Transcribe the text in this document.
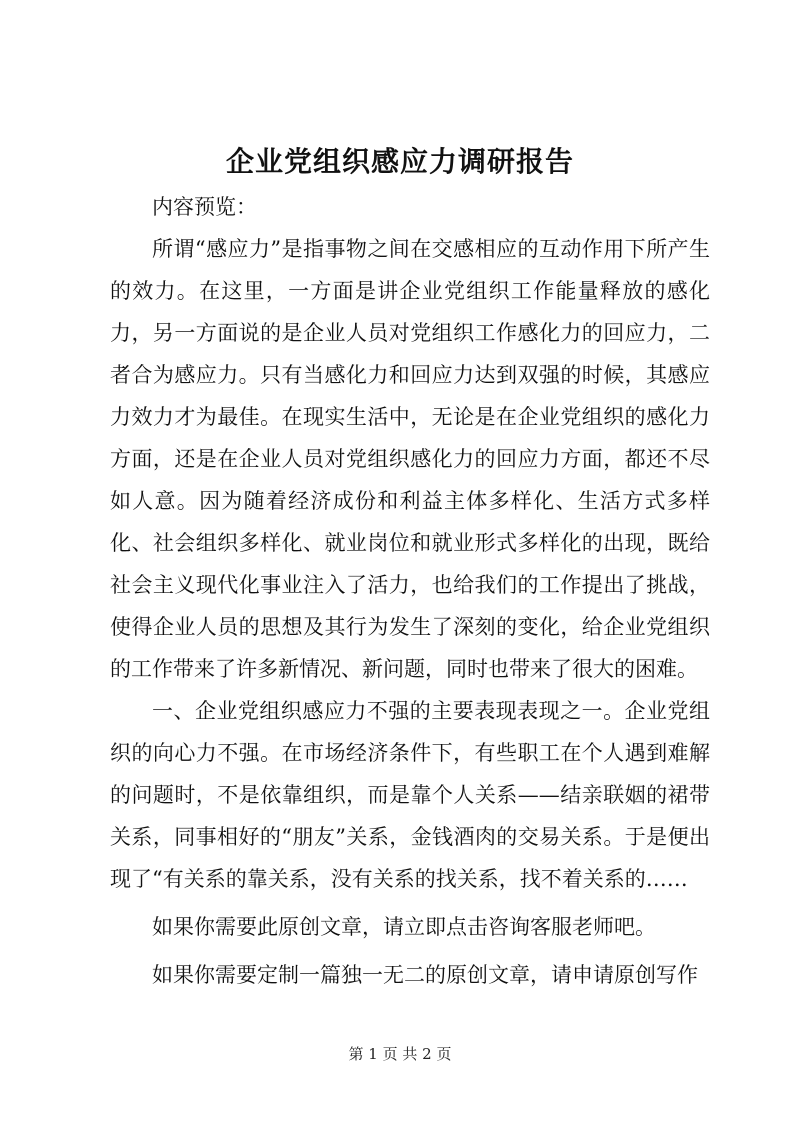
企业党组织感应力调研报告

内容预览：

所谓“感应力”是指事物之间在交感相应的互动作用下所产生的效力。在这里，一方面是讲企业党组织工作能量释放的感化力，另一方面说的是企业人员对党组织工作感化力的回应力，二者合为感应力。只有当感化力和回应力达到双强的时候，其感应力效力才为最佳。在现实生活中，无论是在企业党组织的感化力方面，还是在企业人员对党组织感化力的回应力方面，都还不尽如人意。因为随着经济成份和利益主体多样化、生活方式多样化、社会组织多样化、就业岗位和就业形式多样化的出现，既给社会主义现代化事业注入了活力，也给我们的工作提出了挑战，使得企业人员的思想及其行为发生了深刻的变化，给企业党组织的工作带来了许多新情况、新问题，同时也带来了很大的困难。

一、企业党组织感应力不强的主要表现表现之一。企业党组织的向心力不强。在市场经济条件下，有些职工在个人遇到难解的问题时，不是依靠组织，而是靠个人关系——结亲联姻的裙带关系，同事相好的“朋友”关系，金钱酒肉的交易关系。于是便出现了“有关系的靠关系，没有关系的找关系，找不着关系的……

如果你需要此原创文章，请立即点击咨询客服老师吧。

如果你需要定制一篇独一无二的原创文章，请申请原创写作

第 1 页 共 2 页
